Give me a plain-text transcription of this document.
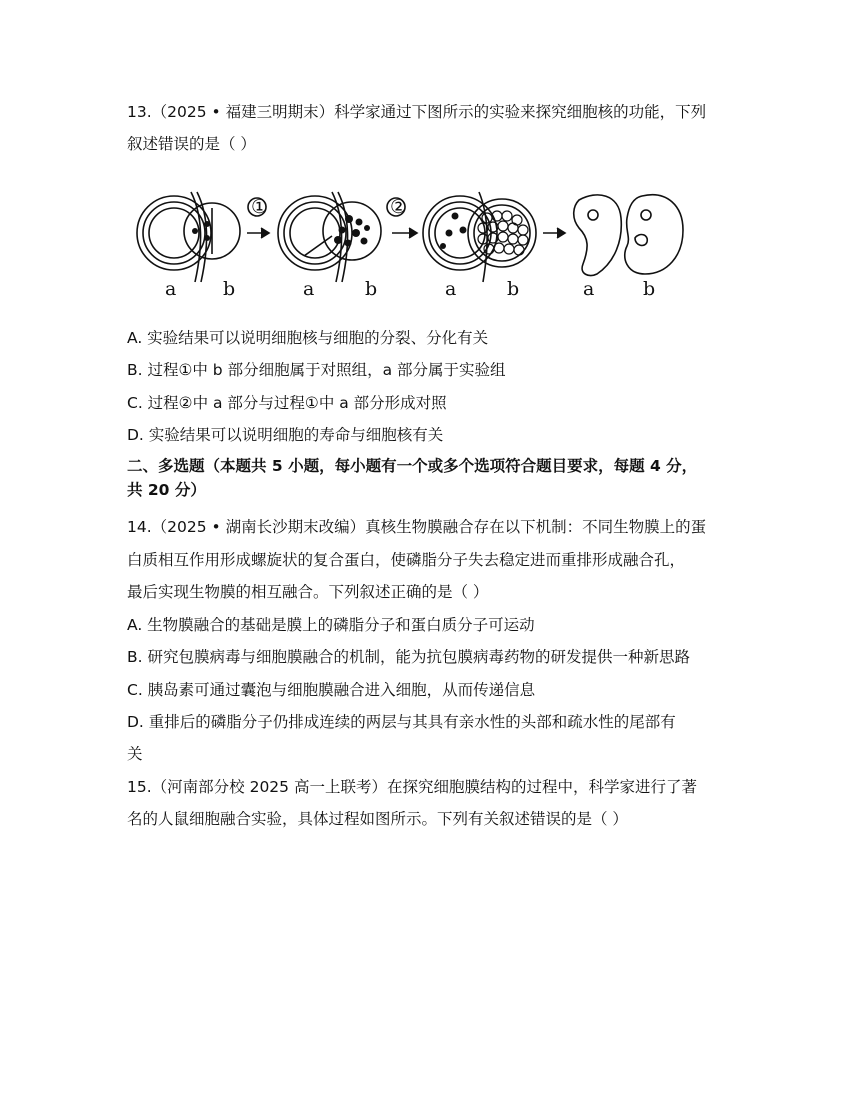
13.（2025 • 福建三明期末）科学家通过下图所示的实验来探究细胞核的功能，下列
叙述错误的是（ ）
①	②
a b	a	b	a	b	a	b
A. 实验结果可以说明细胞核与细胞的分裂、分化有关
B. 过程①中 b 部分细胞属于对照组，a 部分属于实验组
C. 过程②中 a 部分与过程①中 a 部分形成对照
D. 实验结果可以说明细胞的寿命与细胞核有关
二、多选题（本题共 5 小题，每小题有一个或多个选项符合题目要求，每题 4 分，
共 20 分）
14.（2025 • 湖南长沙期末改编）真核生物膜融合存在以下机制：不同生物膜上的蛋
白质相互作用形成螺旋状的复合蛋白，使磷脂分子失去稳定进而重排形成融合孔，
最后实现生物膜的相互融合。下列叙述正确的是（ ）
A. 生物膜融合的基础是膜上的磷脂分子和蛋白质分子可运动
B. 研究包膜病毒与细胞膜融合的机制，能为抗包膜病毒药物的研发提供一种新思路
C. 胰岛素可通过囊泡与细胞膜融合进入细胞，从而传递信息
D. 重排后的磷脂分子仍排成连续的两层与其具有亲水性的头部和疏水性的尾部有
关
15.（河南部分校 2025 高一上联考）在探究细胞膜结构的过程中，科学家进行了著
名的人鼠细胞融合实验，具体过程如图所示。下列有关叙述错误的是（ ）
